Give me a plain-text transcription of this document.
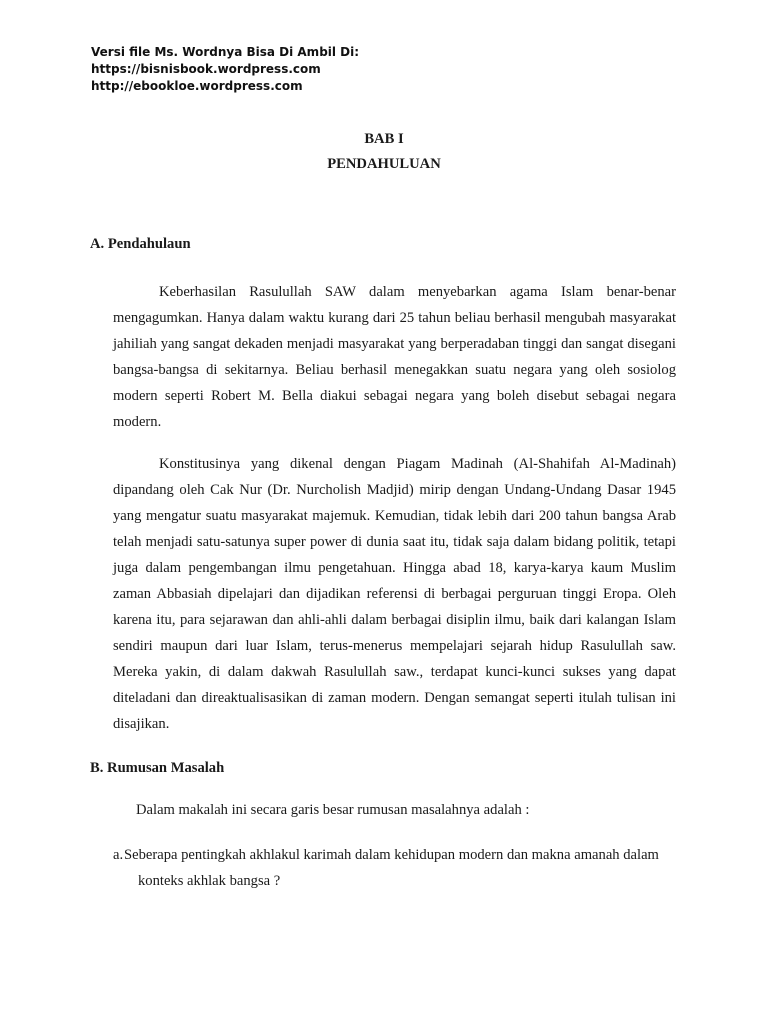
Versi file Ms. Wordnya Bisa Di Ambil Di:
https://bisnisbook.wordpress.com
http://ebookloe.wordpress.com
BAB I
PENDAHULUAN
A. Pendahulaun

Keberhasilan Rasulullah SAW dalam menyebarkan agama Islam benar-benar mengagumkan. Hanya dalam waktu kurang dari 25 tahun beliau berhasil mengubah masyarakat jahiliah yang sangat dekaden menjadi masyarakat yang berperadaban tinggi dan sangat disegani bangsa-bangsa di sekitarnya. Beliau berhasil menegakkan suatu negara yang oleh sosiolog modern seperti Robert M. Bella diakui sebagai negara yang boleh disebut sebagai negara modern.

Konstitusinya yang dikenal dengan Piagam Madinah (Al-Shahifah Al-Madinah) dipandang oleh Cak Nur (Dr. Nurcholish Madjid) mirip dengan Undang-Undang Dasar 1945 yang mengatur suatu masyarakat majemuk. Kemudian, tidak lebih dari 200 tahun bangsa Arab telah menjadi satu-satunya super power di dunia saat itu, tidak saja dalam bidang politik, tetapi juga dalam pengembangan ilmu pengetahuan. Hingga abad 18, karya-karya kaum Muslim zaman Abbasiah dipelajari dan dijadikan referensi di berbagai perguruan tinggi Eropa. Oleh karena itu, para sejarawan dan ahli-ahli dalam berbagai disiplin ilmu, baik dari kalangan Islam sendiri maupun dari luar Islam, terus-menerus mempelajari sejarah hidup Rasulullah saw. Mereka yakin, di dalam dakwah Rasulullah saw., terdapat kunci-kunci sukses yang dapat diteladani dan direaktualisasikan di zaman modern. Dengan semangat seperti itulah tulisan ini disajikan.

B. Rumusan Masalah
Dalam makalah ini secara garis besar rumusan masalahnya adalah :
a.Seberapa pentingkah akhlakul karimah dalam kehidupan modern dan makna amanah dalam
konteks akhlak bangsa ?
